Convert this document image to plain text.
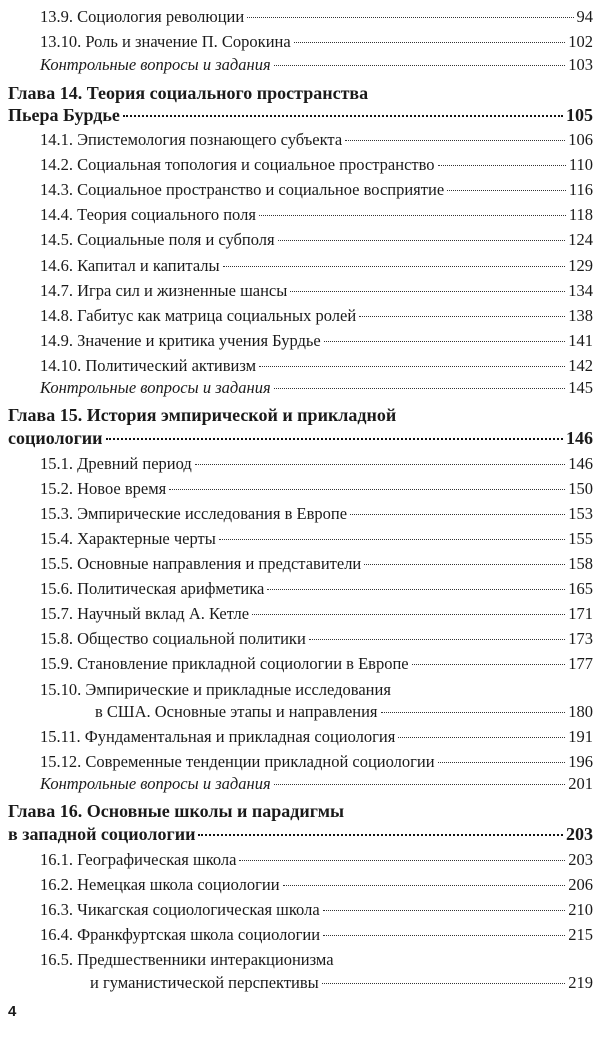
13.9. Социология революции	94
13.10. Роль и значение П. Сорокина	102
Контрольные вопросы и задания	103
Глава 14. Теория социального пространства
Пьера Бурдье	105
14.1. Эпистемология познающего субъекта	106
14.2. Социальная топология и социальное пространство	110
14.3. Социальное пространство и социальное восприятие	116
14.4. Теория социального поля	118
14.5. Социальные поля и субполя	124
14.6. Капитал и капиталы	129
14.7. Игра сил и жизненные шансы	134
14.8. Габитус как матрица социальных ролей	138
14.9. Значение и критика учения Бурдье	141
14.10. Политический активизм	142
Контрольные вопросы и задания	145
Глава 15. История эмпирической и прикладной
социологии	146
15.1. Древний период	146
15.2. Новое время	150
15.3. Эмпирические исследования в Европе	153
15.4. Характерные черты	155
15.5. Основные направления и представители	158
15.6. Политическая арифметика	165
15.7. Научный вклад А. Кетле	171
15.8. Общество социальной политики	173
15.9. Становление прикладной социологии в Европе	177
15.10. Эмпирические и прикладные исследования
в США. Основные этапы и направления	180
15.11. Фундаментальная и прикладная социология	191
15.12. Современные тенденции прикладной социологии	196
Контрольные вопросы и задания	201
Глава 16. Основные школы и парадигмы
в западной социологии	203
16.1. Географическая школа	203
16.2. Немецкая школа социологии	206
16.3. Чикагская социологическая школа	210
16.4. Франкфуртская школа социологии	215
16.5. Предшественники интеракционизма
и гуманистической перспективы	219
4
